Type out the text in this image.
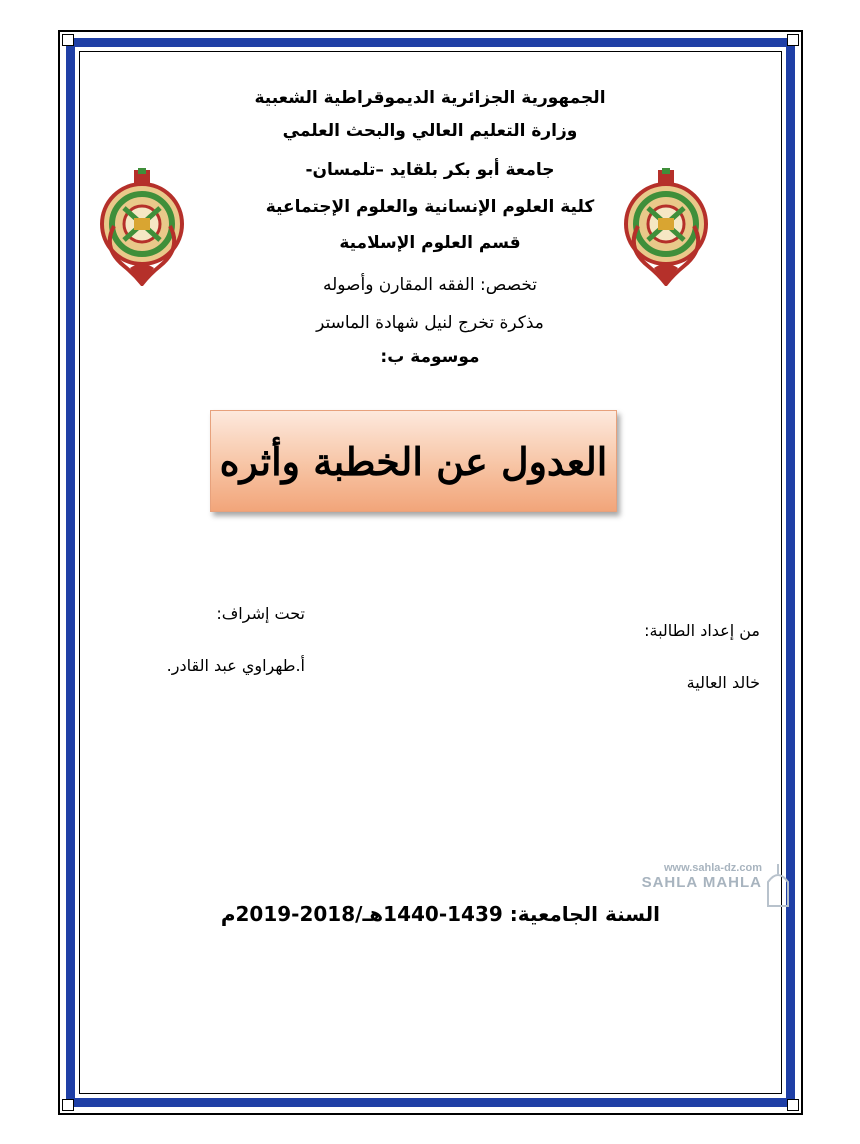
الجمهورية الجزائرية الديموقراطية الشعبية
وزارة التعليم العالي والبحث العلمي
جامعة أبو بكر بلقايد –تلمسان-
كلية العلوم الإنسانية والعلوم الإجتماعية
قسم العلوم الإسلامية
تخصص: الفقه المقارن وأصوله
مذكرة تخرج لنيل شهادة الماستر
موسومة ب:
العدول عن الخطبة وأثره
من إعداد الطالبة:
خالد العالية
تحت إشراف:
أ.طهراوي عبد القادر.
السنة الجامعية: 1439-1440هـ/2018-2019م
www.sahla-dz.com
SAHLA MAHLA
